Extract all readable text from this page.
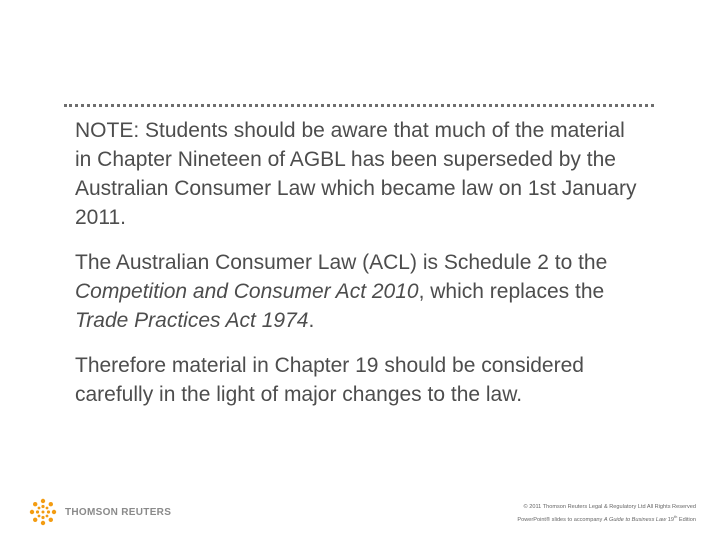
NOTE: Students should be aware that much of the material in Chapter Nineteen of AGBL has been superseded by the Australian Consumer Law which became law on 1st January 2011.

The Australian Consumer Law (ACL) is Schedule 2 to the Competition and Consumer Act 2010, which replaces the Trade Practices Act 1974.

Therefore material in Chapter 19 should be considered carefully in the light of major changes to the law.

THOMSON REUTERS	© 2011 Thomson Reuters Legal & Regulatory Ltd All Rights Reserved
PowerPoint® slides to accompany A Guide to Business Law 19th Edition
